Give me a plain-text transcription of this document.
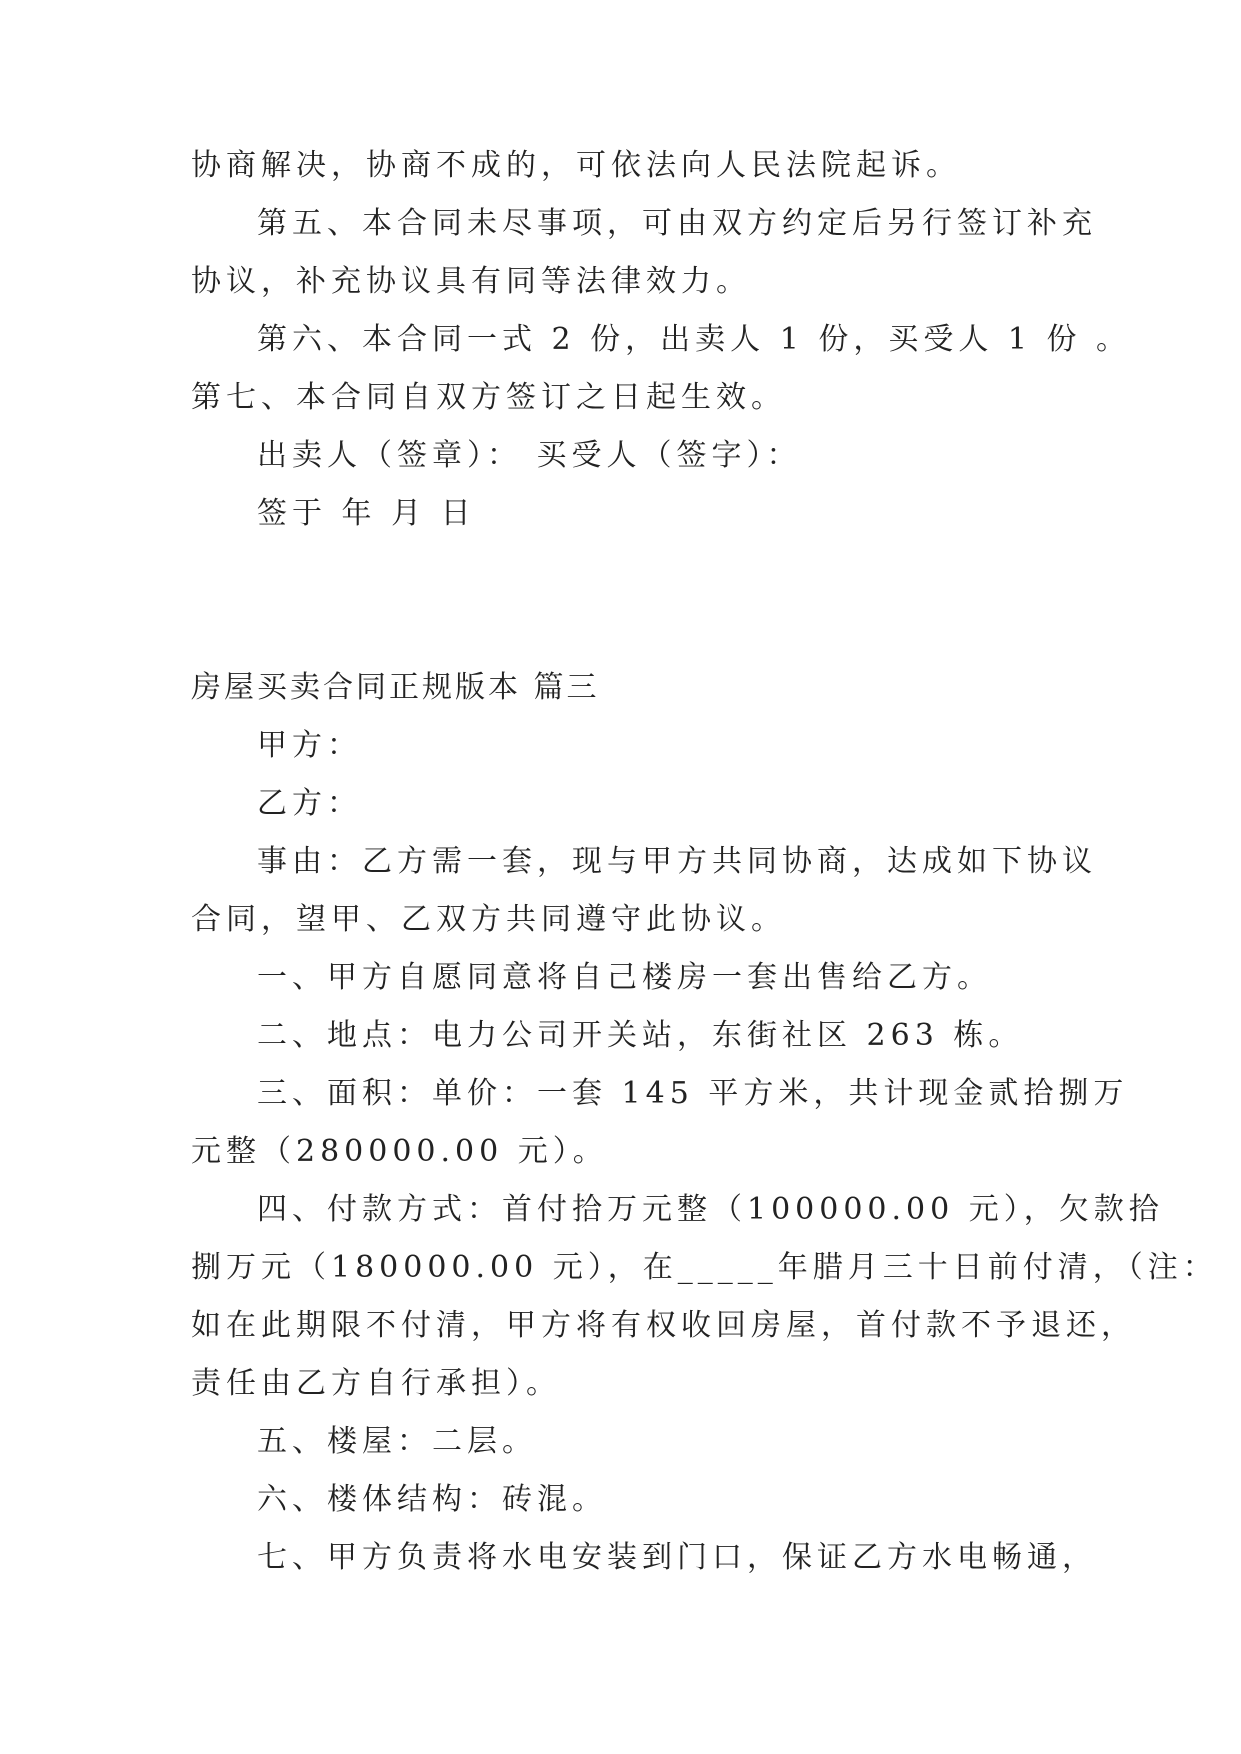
协商解决，协商不成的，可依法向人民法院起诉。
第五、本合同未尽事项，可由双方约定后另行签订补充
协议，补充协议具有同等法律效力。
第六、本合同一式 2 份，出卖人 1 份，买受人 1 份 。
第七、本合同自双方签订之日起生效。
出卖人（签章）： 买受人（签字）：
签于 年 月 日
房屋买卖合同正规版本 篇三
甲方：
乙方：
事由：乙方需一套，现与甲方共同协商，达成如下协议
合同，望甲、乙双方共同遵守此协议。
一、甲方自愿同意将自己楼房一套出售给乙方。
二、地点：电力公司开关站，东街社区 263 栋。
三、面积：单价：一套 145 平方米，共计现金贰拾捌万
元整（280000.00 元）。
四、付款方式：首付拾万元整（100000.00 元），欠款拾
捌万元（180000.00 元），在_____年腊月三十日前付清，（注：
如在此期限不付清，甲方将有权收回房屋，首付款不予退还，
责任由乙方自行承担）。
五、楼屋：二层。
六、楼体结构：砖混。
七、甲方负责将水电安装到门口，保证乙方水电畅通，
